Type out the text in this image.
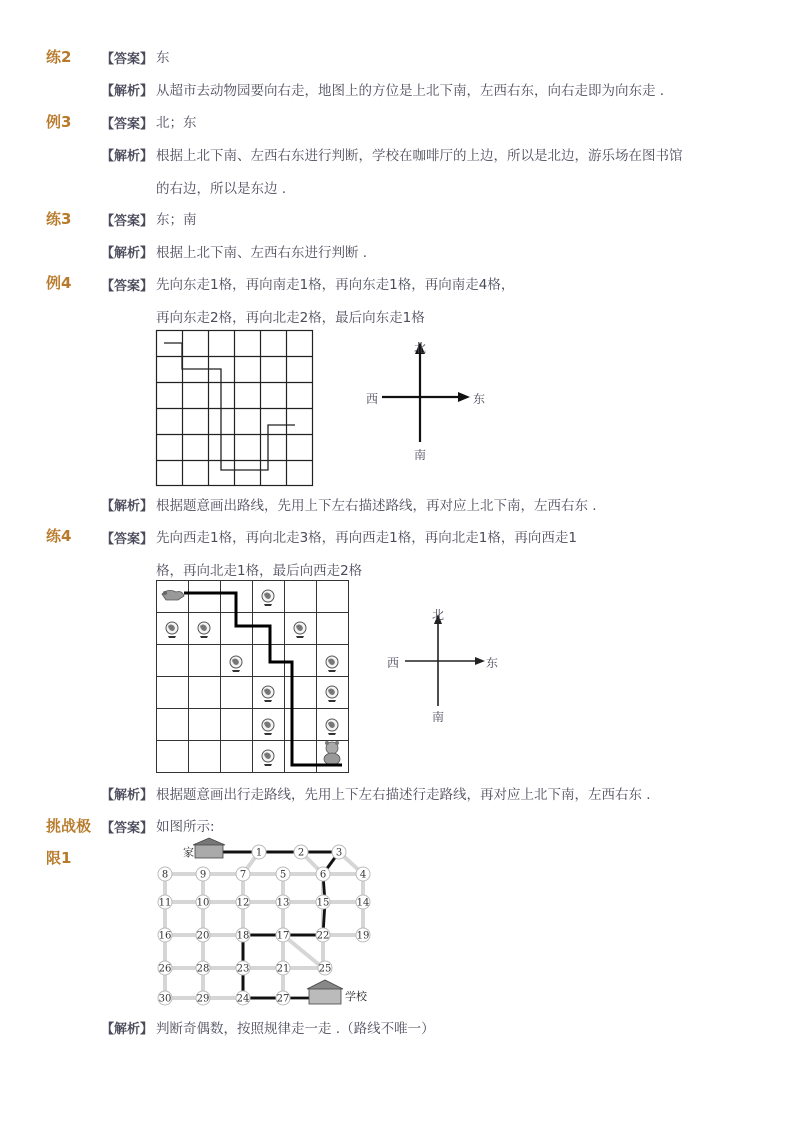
练2 【答案】 东
【解析】 从超市去动物园要向右走，地图上的方位是上北下南，左西右东，向右走即为向东走 .
例3 【答案】 北；东
【解析】 根据上北下南、左西右东进行判断，学校在咖啡厅的上边，所以是北边，游乐场在图书馆
的右边，所以是东边 .
练3 【答案】 东；南
【解析】 根据上北下南、左西右东进行判断 .
例4 【答案】 先向东走1格，再向南走1格，再向东走1格，再向南走4格，
再向东走2格，再向北走2格，最后向东走1格
北
南
西	东
【解析】 根据题意画出路线，先用上下左右描述路线，再对应上北下南，左西右东 .
练4 【答案】 先向西走1格，再向北走3格，再向西走1格，再向北走1格，再向西走1
格，再向北走1格，最后向西走2格
北
南
西	东
【解析】 根据题意画出行走路线，先用上下左右描述行走路线，再对应上北下南，左西右东 .
挑战极
限1
【答案】 如图所示:
1	2	3
8	9	7	5	6	4
11	10	12	13	15	14
16	20	18	17	22	19
26	28	23	21	25
30	29	24	27
家
学校
【解析】 判断奇偶数，按照规律走一走 .（路线不唯一）
